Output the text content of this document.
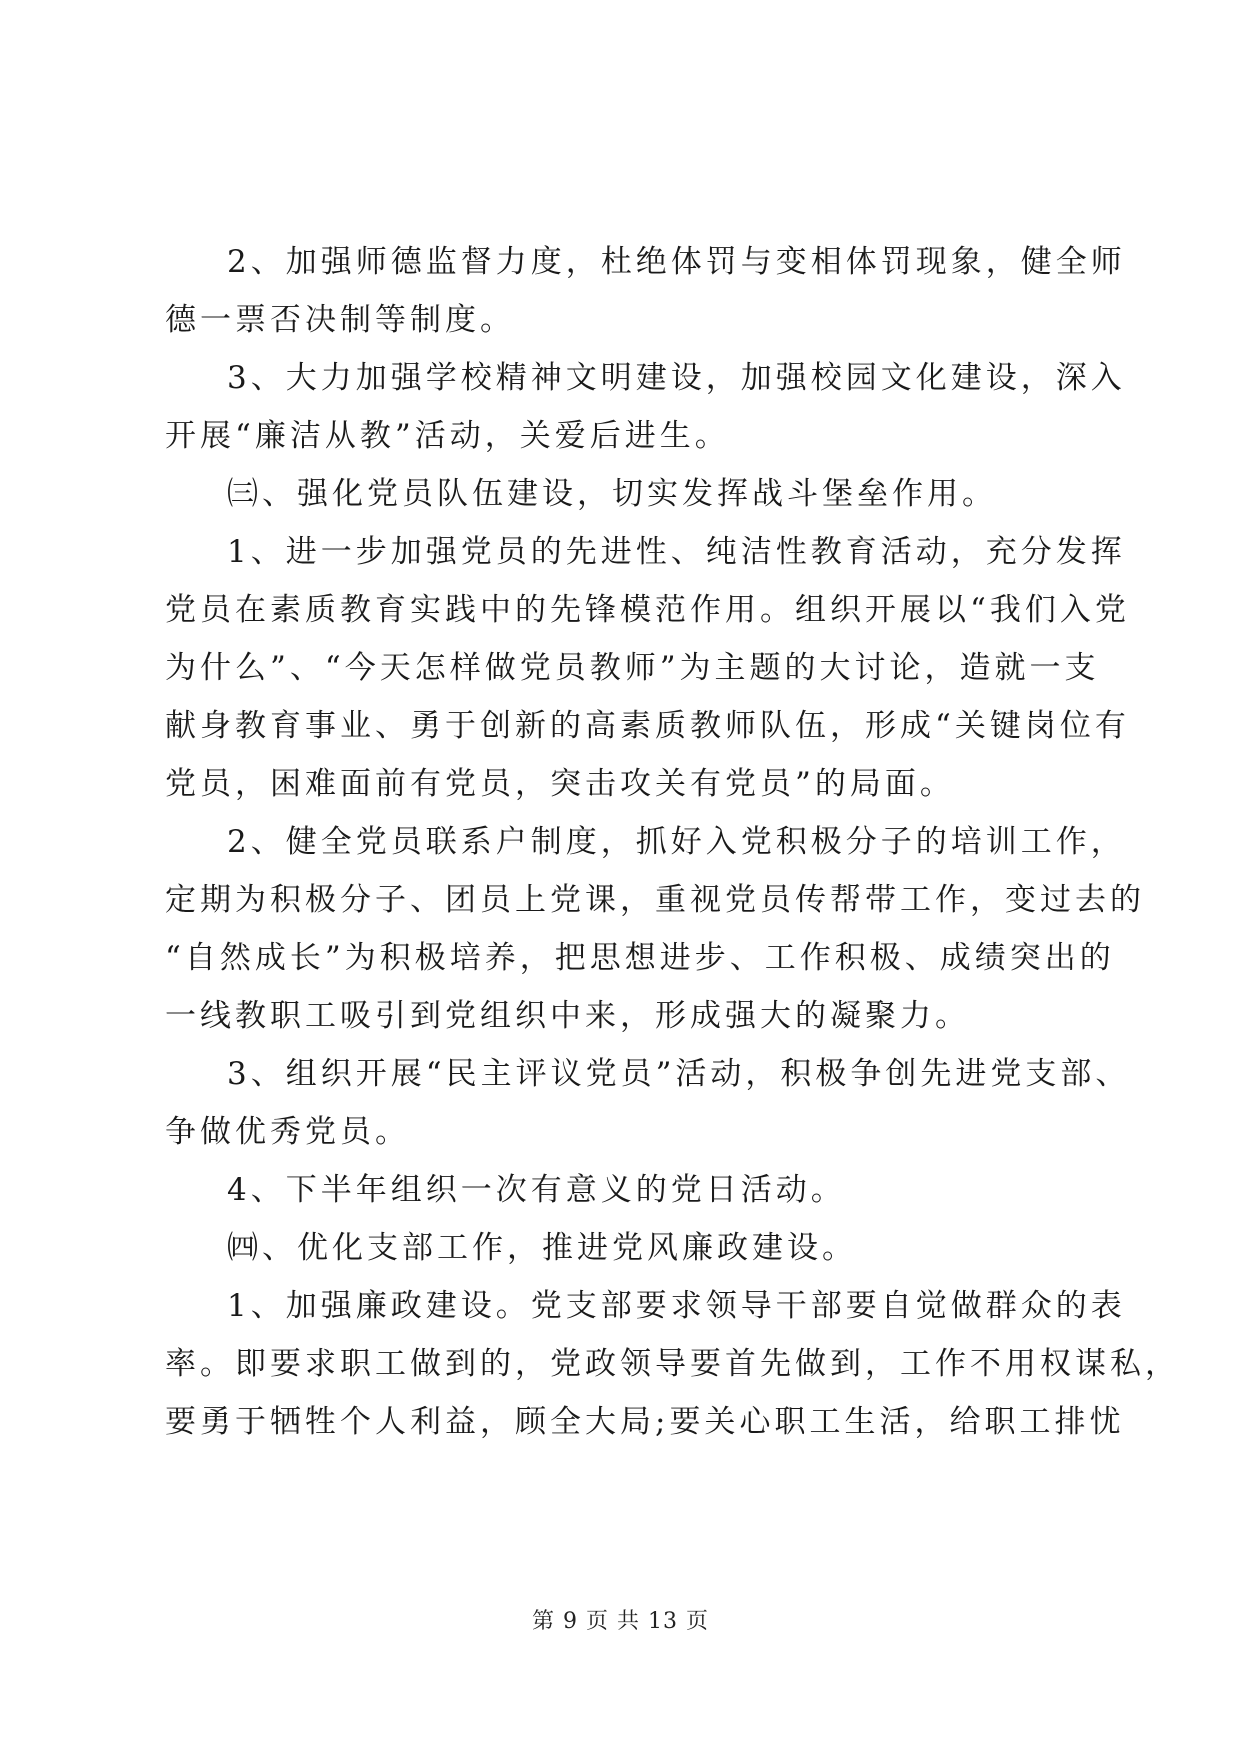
2、加强师德监督力度，杜绝体罚与变相体罚现象，健全师
德一票否决制等制度。
3、大力加强学校精神文明建设，加强校园文化建设，深入
开展“廉洁从教”活动，关爱后进生。
㈢、强化党员队伍建设，切实发挥战斗堡垒作用。
1、进一步加强党员的先进性、纯洁性教育活动，充分发挥
党员在素质教育实践中的先锋模范作用。组织开展以“我们入党
为什么”、“今天怎样做党员教师”为主题的大讨论，造就一支
献身教育事业、勇于创新的高素质教师队伍，形成“关键岗位有
党员，困难面前有党员，突击攻关有党员”的局面。
2、健全党员联系户制度，抓好入党积极分子的培训工作，
定期为积极分子、团员上党课，重视党员传帮带工作，变过去的
“自然成长”为积极培养，把思想进步、工作积极、成绩突出的
一线教职工吸引到党组织中来，形成强大的凝聚力。
3、组织开展“民主评议党员”活动，积极争创先进党支部、
争做优秀党员。
4、下半年组织一次有意义的党日活动。
㈣、优化支部工作，推进党风廉政建设。
1、加强廉政建设。党支部要求领导干部要自觉做群众的表
率。即要求职工做到的，党政领导要首先做到，工作不用权谋私，
要勇于牺牲个人利益，顾全大局;要关心职工生活，给职工排忧
第 9 页 共 13 页
